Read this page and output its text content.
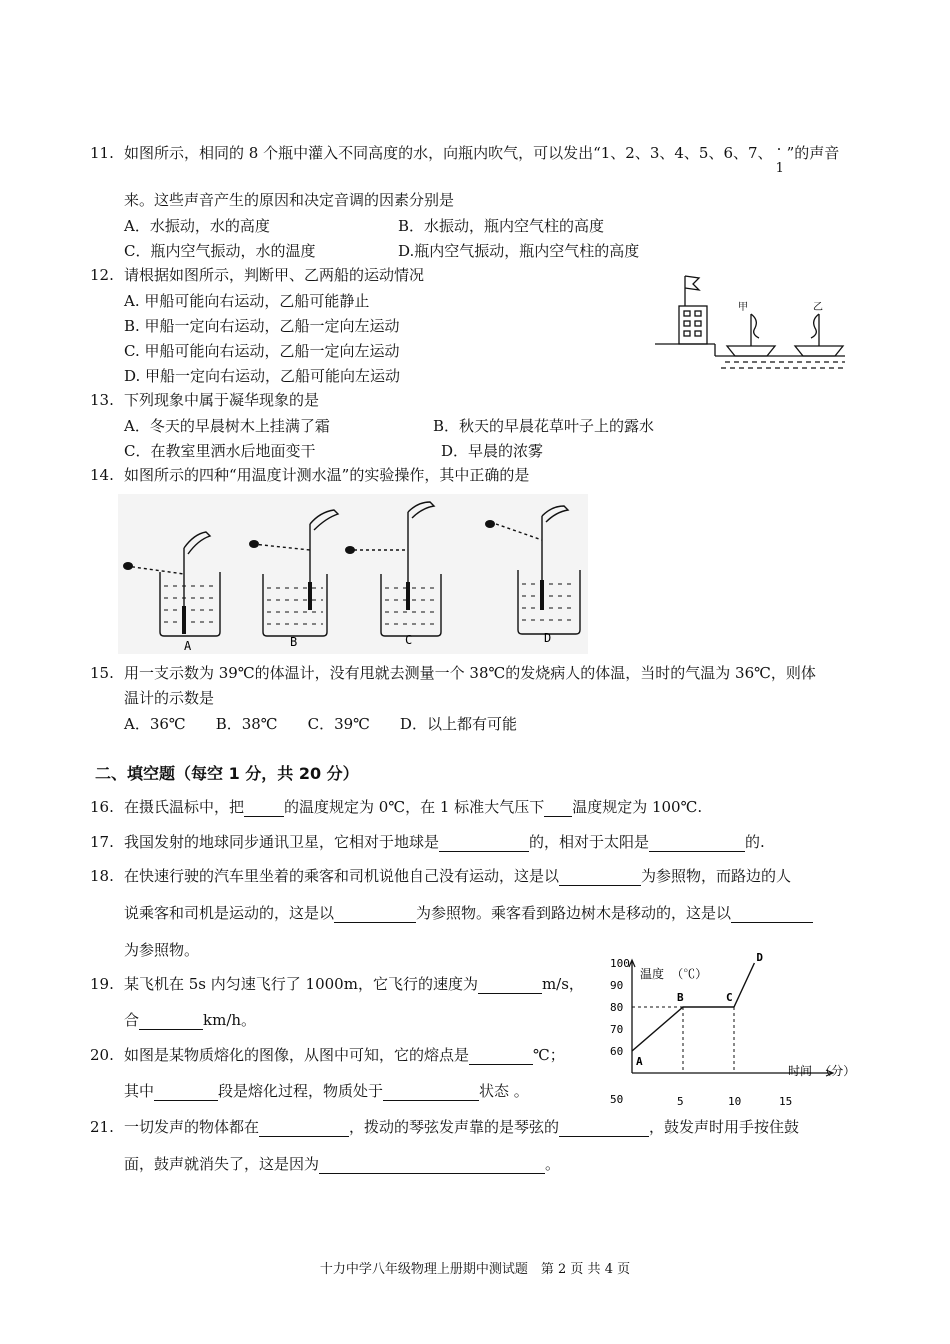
11. 如图所示，相同的 8 个瓶中灌入不同高度的水，向瓶内吹气，可以发出“1、2、3、4、5、6、7、 ·
1
”的声音
来。这些声音产生的原因和决定音调的因素分别是
A．水振动，水的高度	B．水振动，瓶内空气柱的高度
C．瓶内空气振动，水的温度	D.瓶内空气振动，瓶内空气柱的高度
12. 请根据如图所示，判断甲、乙两船的运动情况
A. 甲船可能向右运动，乙船可能静止
B. 甲船一定向右运动，乙船一定向左运动
C. 甲船可能向右运动，乙船一定向左运动
D. 甲船一定向右运动，乙船可能向左运动
甲	乙
13. 下列现象中属于凝华现象的是
A．冬天的早晨树木上挂满了霜	B．秋天的早晨花草叶子上的露水
C．在教室里洒水后地面变干	D．早晨的浓雾
14. 如图所示的四种“用温度计测水温”的实验操作，其中正确的是
A	B	C	D
15. 用一支示数为 39℃的体温计，没有甩就去测量一个 38℃的发烧病人的体温，当时的气温为 36℃，则体
温计的示数是
A．36℃　　B．38℃　　C．39℃　　D．以上都有可能
二、填空题（每空 1 分，共 20 分）
16. 在摄氏温标中，把	的温度规定为 0℃，在 1 标准大气压下 温度规定为 100℃.
17. 我国发射的地球同步通讯卫星，它相对于地球是	的，相对于太阳是	的.
18. 在快速行驶的汽车里坐着的乘客和司机说他自己没有运动，这是以	为参照物，而路边的人
说乘客和司机是运动的，这是以	为参照物。乘客看到路边树木是移动的，这是以
为参照物。
19. 某飞机在 5s 内匀速飞行了 1000m，它飞行的速度为	m/s，
合	km/h。
20. 如图是某物质熔化的图像，从图中可知，它的熔点是	℃；
其中	段是熔化过程，物质处于	状态 。
温度 （℃）
时间 （分）
100
90
80
70
60
50	5	10	15
A
B	C
D
21. 一切发声的物体都在	，拨动的琴弦发声靠的是琴弦的	，鼓发声时用手按住鼓
面，鼓声就消失了，这是因为	。
十力中学八年级物理上册期中测试题　第 2 页 共 4 页
